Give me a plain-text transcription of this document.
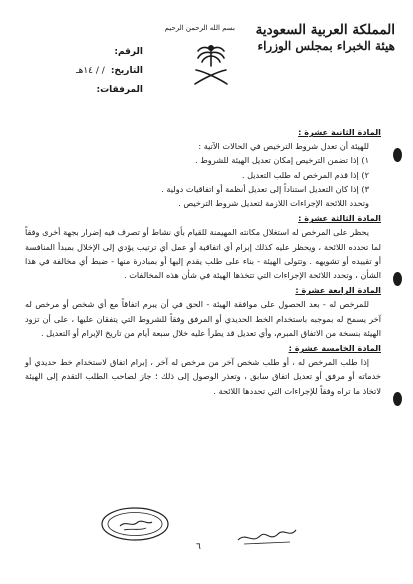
المملكة العربية السعودية
هيئة الخبراء بمجلس الوزراء
بسم الله الرحمن الرحيم
الرقم
:
التاريخ
:
/ / ١٤هـ
المرفقات
:

المادة الثانية عشرة :

للهيئة أن تعدل شروط الترخيص في الحالات الآتية :

١) إذا تضمن الترخيص إمكان تعديل الهيئة للشروط .

٢) إذا قدم المرخص له طلب التعديل .

٣) إذا كان التعديل استناداً إلى تعديل أنظمة أو اتفاقيات دولية .

وتحدد اللائحة الإجراءات اللازمة لتعديل شروط الترخيص .

المادة الثالثة عشرة :

يحظر على المرخص له استغلال مكانته المهيمنة للقيام بأي نشاط أو تصرف فيه إضرار بجهة أخرى وفقاً لما تحدده اللائحة ، ويحظر عليه كذلك إبرام أي اتفاقية أو عمل أي ترتيب يؤدي إلى الإخلال بمبدأ المنافسة أو تقييده أو تشويهه . وتتولى الهيئة - بناء على طلب يقدم إليها أو بمبادرة منها - ضبط أي مخالفة في هذا الشأن ، وتحدد اللائحة الإجراءات التي تتخذها الهيئة في شأن هذه المخالفات .

المادة الرابعة عشرة :

للمرخص له - بعد الحصول على موافقة الهيئة - الحق في أن يبرم اتفاقاً مع أي شخص أو مرخص له آخر يسمح له بموجبه باستخدام الخط الحديدي أو المرفق وفقاً للشروط التي يتفقان عليها ، على أن تزود الهيئة بنسخة من الاتفاق المبرم، وأي تعديل قد يطرأ عليه خلال سبعة أيام من تاريخ الإبرام أو التعديل .

المادة الخامسة عشرة :

إذا طلب المرخص له ، أو طلب شخص آخر من مرخص له آخر ، إبرام اتفاق لاستخدام خط حديدي أو خدماته أو مرفق أو تعديل اتفاق سابق ، وتعذر الوصول إلى ذلك ؛ جاز لصاحب الطلب التقدم إلى الهيئة لاتخاذ ما تراه وفقاً للإجراءات التي تحددها اللائحة .

٦
